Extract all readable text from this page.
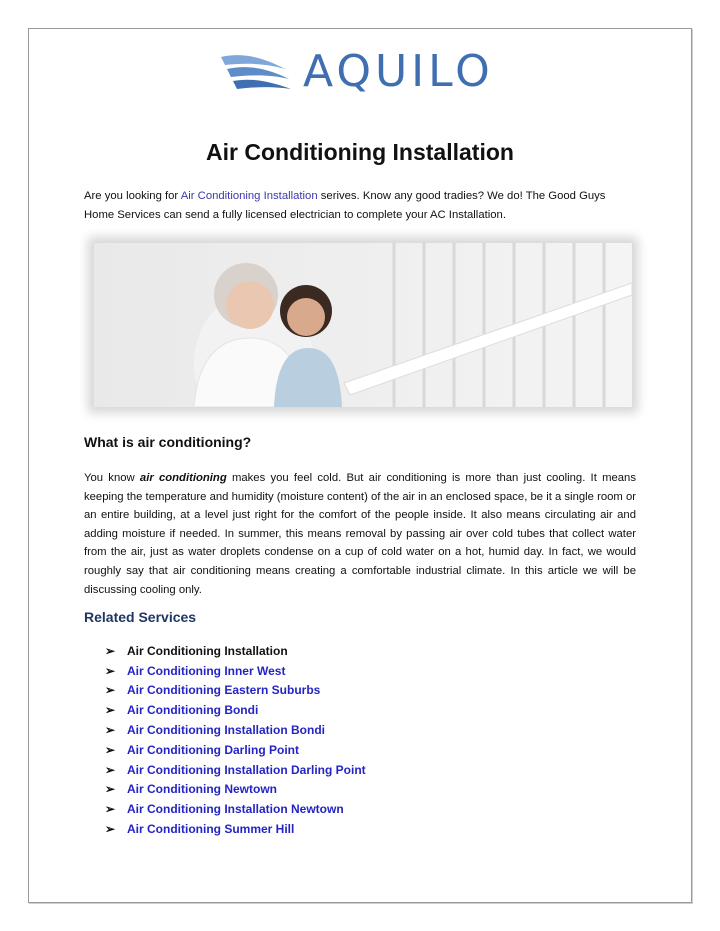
AQUILO
Air Conditioning Installation

Are you looking for Air Conditioning Installation serives. Know any good tradies? We do! The Good Guys Home Services can send a fully licensed electrician to complete your AC Installation.

What is air conditioning?

You know air conditioning makes you feel cold. But air conditioning is more than just cooling. It means keeping the temperature and humidity (moisture content) of the air in an enclosed space, be it a single room or an entire building, at a level just right for the comfort of the people inside. It also means circulating air and adding moisture if needed. In summer, this means removal by passing air over cold tubes that collect water from the air, just as water droplets condense on a cup of cold water on a hot, humid day. In fact, we would roughly say that air conditioning means creating a comfortable industrial climate. In this article we will be discussing cooling only.

Related Services
➢ Air Conditioning Installation
➢ Air Conditioning Inner West
➢ Air Conditioning Eastern Suburbs
➢ Air Conditioning Bondi
➢ Air Conditioning Installation Bondi
➢ Air Conditioning Darling Point
➢ Air Conditioning Installation Darling Point
➢ Air Conditioning Newtown
➢ Air Conditioning Installation Newtown
➢ Air Conditioning Summer Hill
